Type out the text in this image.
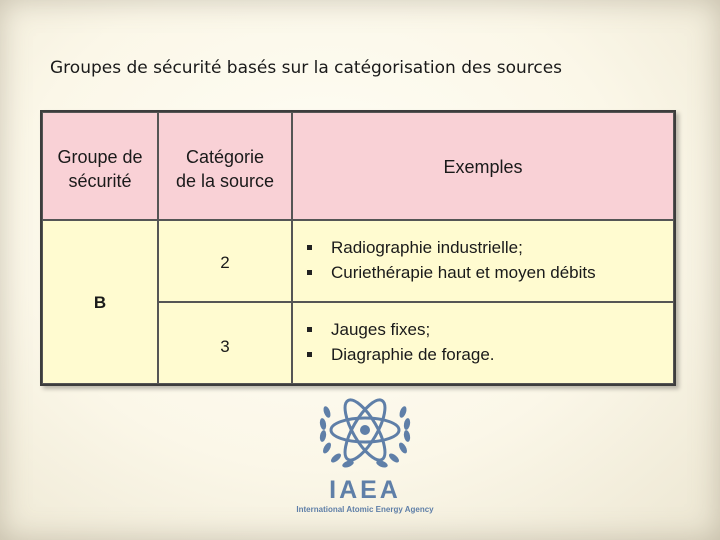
Groupes de sécurité basés sur la catégorisation des sources
Groupe de
sécurité
Catégorie
de la source
Exemples
B
2
Radiographie industrielle;
Curiethérapie haut et moyen débits
3
Jauges fixes;
Diagraphie de forage.
IAEA
International Atomic Energy Agency
